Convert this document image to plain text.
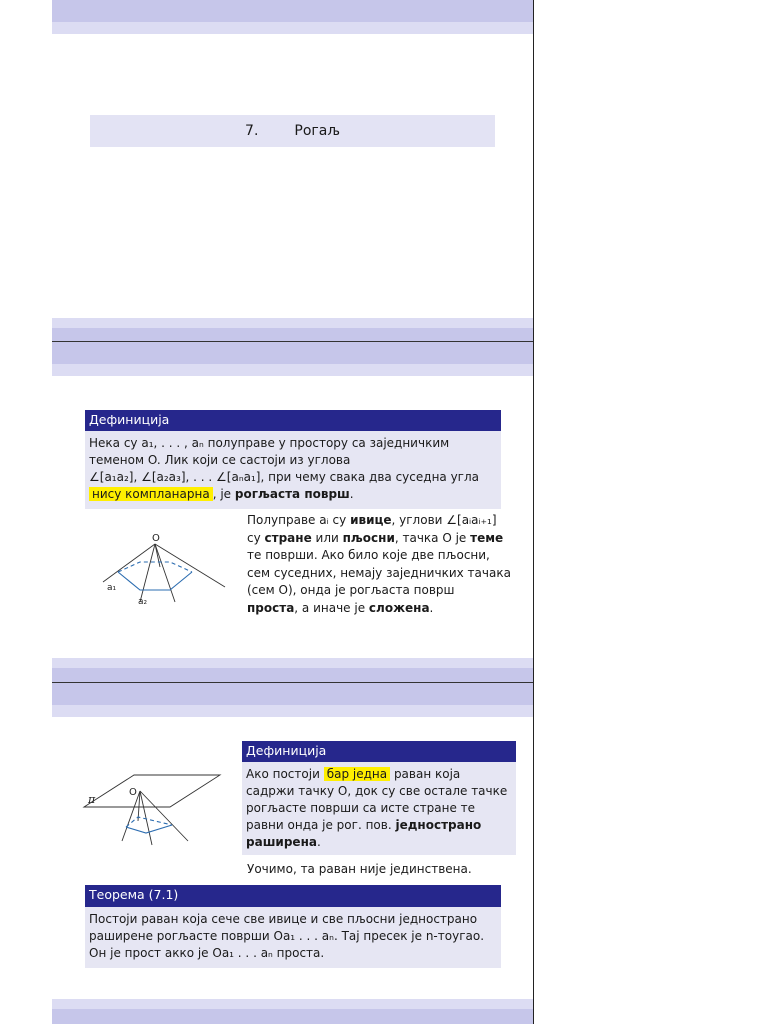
7.	Рогаљ
Дефиниција
Нека су a₁, . . . , aₙ полуправе у простору са заједничким
теменом O. Лик који се састоји из углова
∠[a₁a₂], ∠[a₂a₃], . . . ∠[aₙa₁], при чему свака два суседна угла
нису компланарна , је рогљаста површ.
O
a₁
a₂
Полуправе aᵢ су ивице, углови ∠[aᵢaᵢ₊₁]
су стране или пљосни, тачка O је теме
те површи. Ако било које две пљосни,
сем суседних, немају заједничких тачака
(сем O), онда је рогљаста површ
проста, а иначе је сложена.
π
O
Дефиниција
Ако постоји бар једна раван која
садржи тачку O, док су све остале тачке
рогљасте површи са исте стране те
равни онда је рог. пов. једнострано
раширена.
Уочимо, та раван није јединствена.
Теорема (7.1)
Постоји раван која сече све ивице и све пљосни једнострано
раширене рогљасте површи Oa₁ . . . aₙ. Тај пресек је n-тоугао.
Он је прост акко је Oa₁ . . . aₙ проста.
